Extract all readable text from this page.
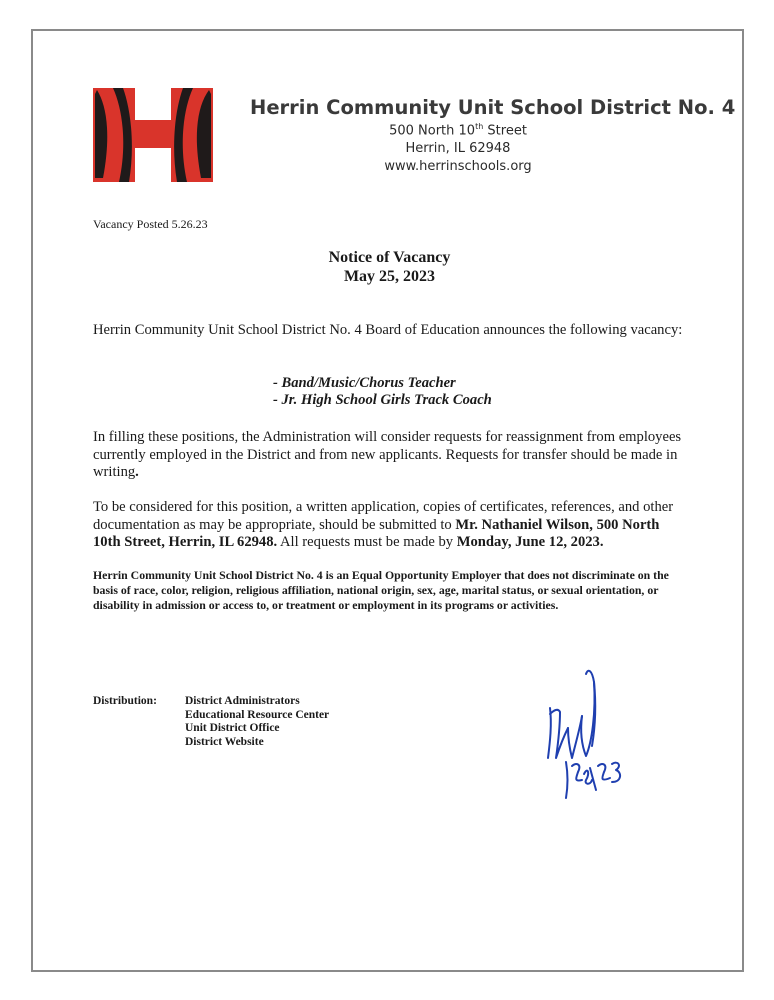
Herrin Community Unit School District No. 4
500 North 10th Street
Herrin, IL 62948
www.herrinschools.org
Vacancy Posted 5.26.23
Notice of Vacancy
May 25, 2023
Herrin Community Unit School District No. 4 Board of Education announces the following vacancy:
- Band/Music/Chorus Teacher
- Jr. High School Girls Track Coach
In filling these positions, the Administration will consider requests for reassignment from employees currently employed in the District and from new applicants. Requests for transfer should be made in writing.
To be considered for this position, a written application, copies of certificates, references, and other documentation as may be appropriate, should be submitted to Mr. Nathaniel Wilson, 500 North 10th Street, Herrin, IL 62948. All requests must be made by Monday, June 12, 2023.
Herrin Community Unit School District No. 4 is an Equal Opportunity Employer that does not discriminate on the basis of race, color, religion, religious affiliation, national origin, sex, age, marital status, or sexual orientation, or disability in admission or access to, or treatment or employment in its programs or activities.
Distribution: District Administrators
Educational Resource Center
Unit District Office
District Website
